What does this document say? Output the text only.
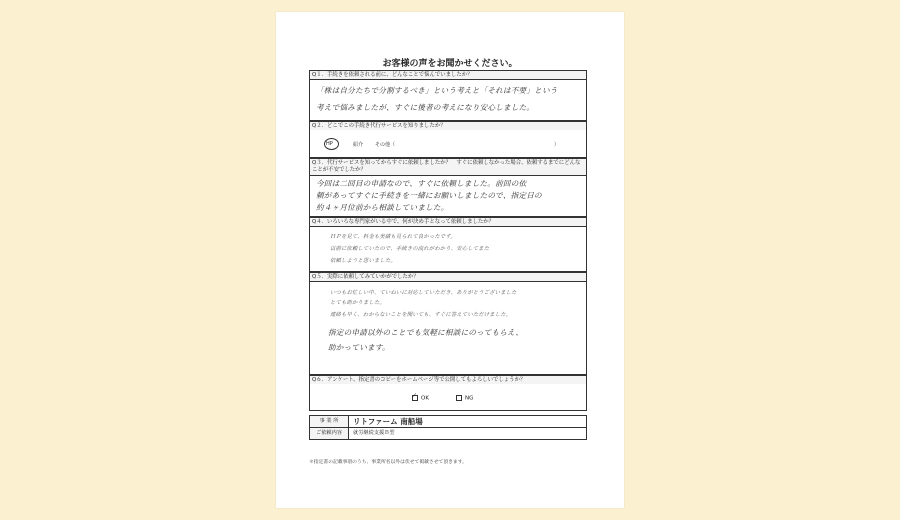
お客様の声をお聞かせください。
Q１．手続きを依頼される前に、どんなことで悩んでいましたか？
「株は自分たちで分割するべき」という考えと「それは不要」という
考えで悩みましたが、すぐに後者の考えになり安心しました。
Q２．どこでこの手続き代行サービスを知りましたか？
HP	紹介 その他（	）
Q３．代行サービスを知ってからすぐに依頼しましたか？　すぐに依頼しなかった場合、依頼するまでにどんなことが不安でしたか？
今回は二回目の申請なので、すぐに依頼しました。前回の依
頼があってすぐに手続きを一緒にお願いしましたので、指定日の
約４ヶ月位前から相談していました。
Q４．いろいろな専門家がいる中で、何が決め手となって依頼しましたか？
ＨＰを見て、料金も実績も見られて良かったです。
以前に依頼していたので、手続きの流れがわかり、安心してまた
依頼しようと思いました。
Q５．実際に依頼してみていかがでしたか？
いつもお忙しい中、ていねいに対応していただき、ありがとうございました
とても助かりました。
連絡も早く、わからないことを聞いても、すぐに答えていただけました。
指定の申請以外のことでも気軽に相談にのってもらえ、
助かっています。
Q６．アンケート、指定書のコピーをホームページ等で公開してもよろしいでしょうか？
✓OK	NG
事 業 所	リトファーム 南船場
ご依頼内容	就労継続支援Ｂ型
＊指定書の記載事項のうち、事業所名以外は伏せて掲載させて頂きます。
